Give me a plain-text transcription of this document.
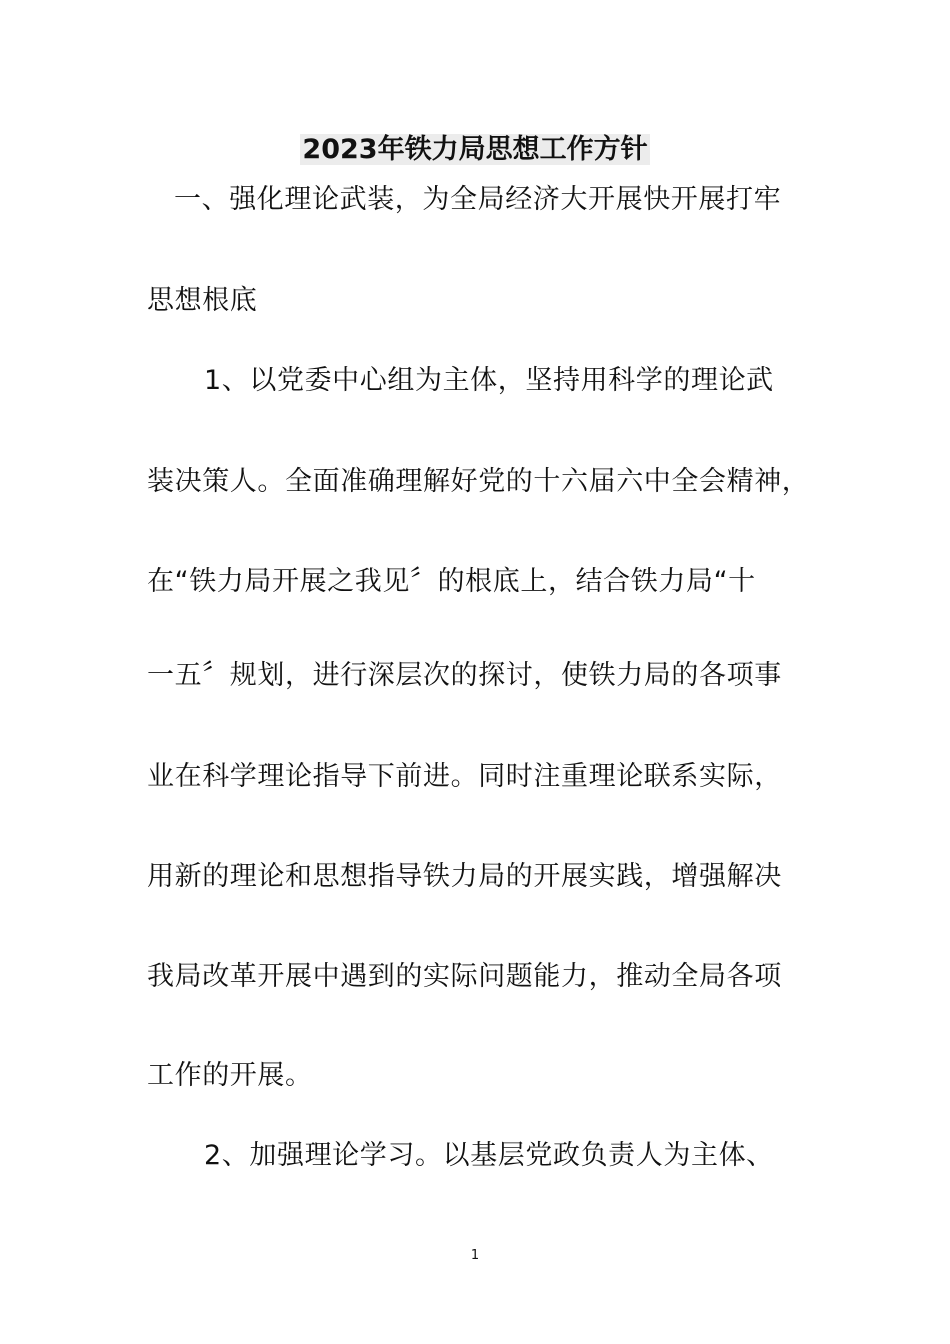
2023年铁力局思想工作方针
一、强化理论武装，为全局经济大开展快开展打牢
思想根底
1、以党委中心组为主体，坚持用科学的理论武
装决策人。全面准确理解好党的十六届六中全会精神，
在“铁力局开展之我见〞的根底上，结合铁力局“十
一五〞规划，进行深层次的探讨，使铁力局的各项事
业在科学理论指导下前进。同时注重理论联系实际，
用新的理论和思想指导铁力局的开展实践，增强解决
我局改革开展中遇到的实际问题能力，推动全局各项
工作的开展。
2、加强理论学习。以基层党政负责人为主体、
1
